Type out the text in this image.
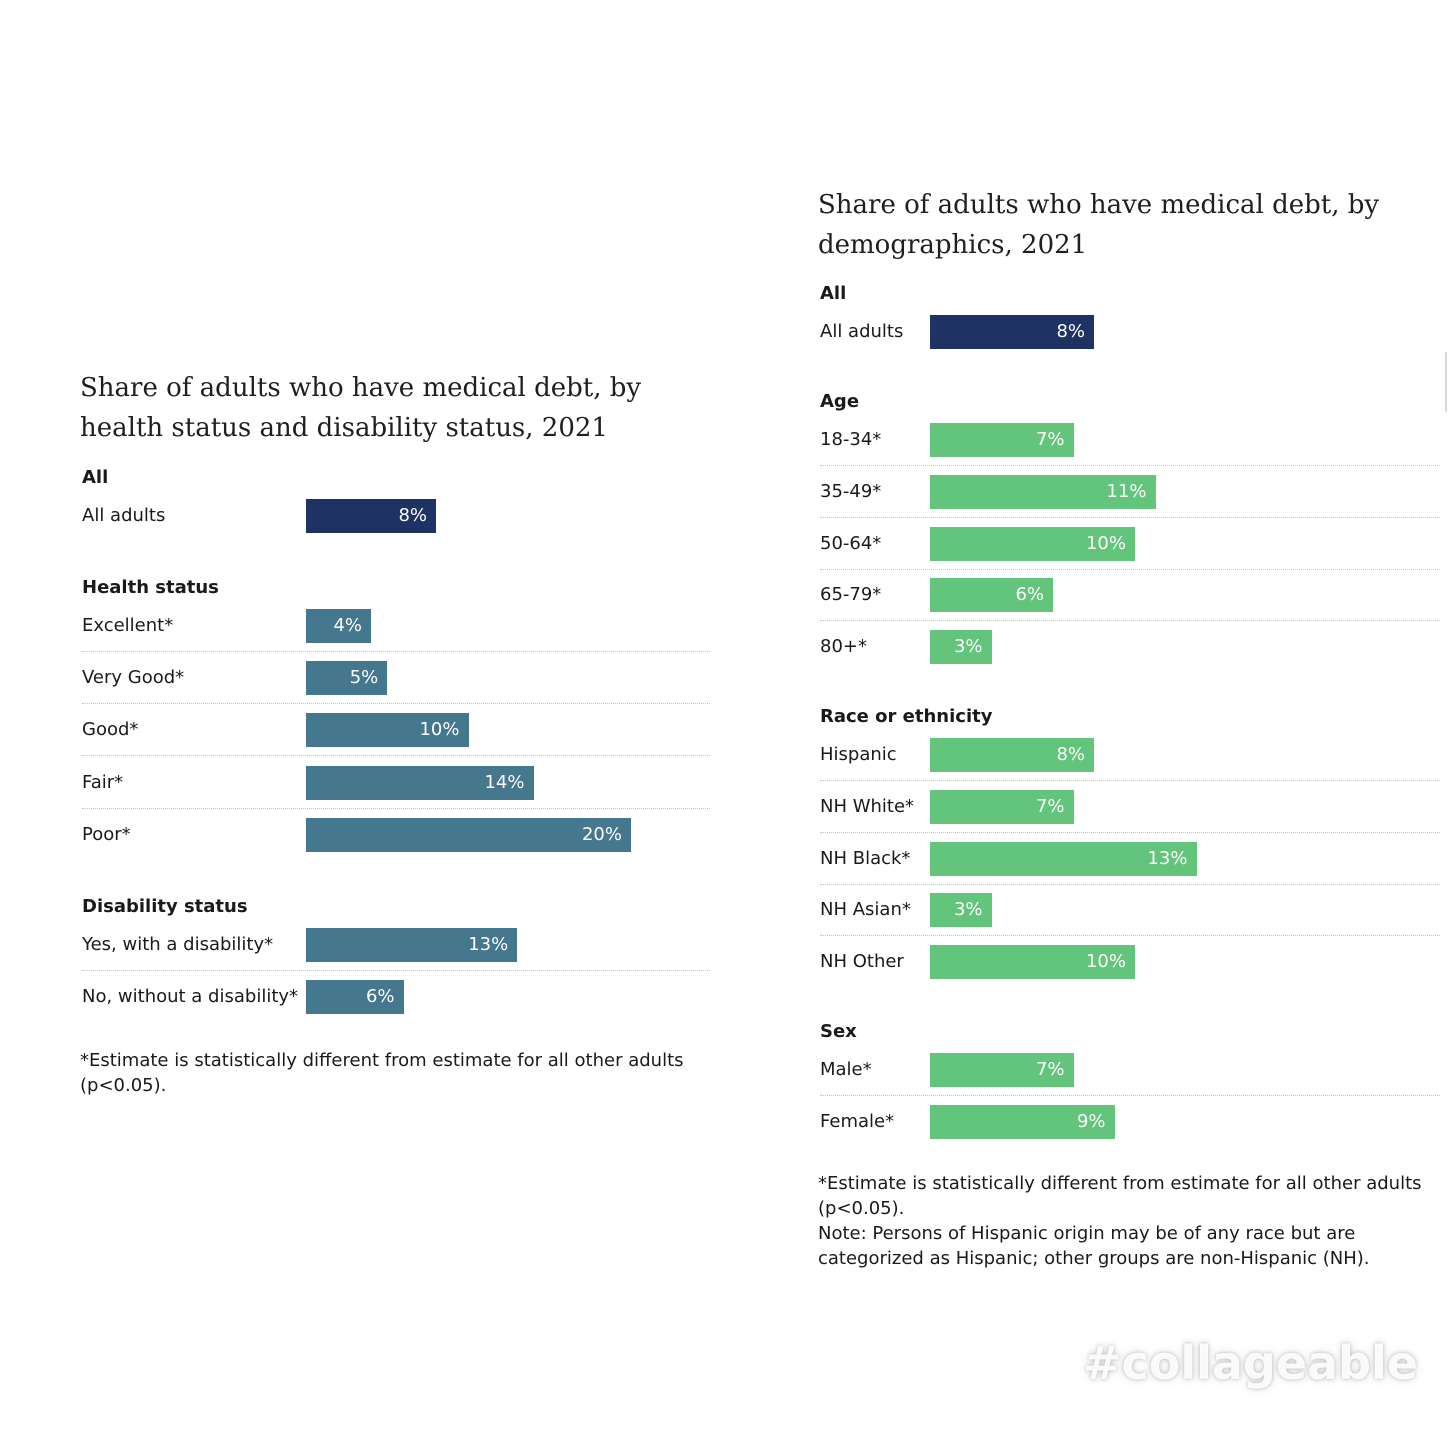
Share of adults who have medical debt, by health status and disability status, 2021
All
All adults	8%
Health status
Excellent*	4%
Very Good*	5%
Good*	10%
Fair*	14%
Poor*	20%
Disability status
Yes, with a disability*	13%
No, without a disability*	6%

*Estimate is statistically different from estimate for all other adults (p<0.05).

Share of adults who have medical debt, by demographics, 2021
All
All adults	8%
Age
18-34*	7%
35-49*	11%
50-64*	10%
65-79*	6%
80+*	3%
Race or ethnicity
Hispanic	8%
NH White*	7%
NH Black*	13%
NH Asian* 3%
NH Other	10%
Sex
Male*	7%
Female*	9%

*Estimate is statistically different from estimate for all other adults (p<0.05).

Note: Persons of Hispanic origin may be of any race but are categorized as Hispanic; other groups are non-Hispanic (NH).

#collageable
